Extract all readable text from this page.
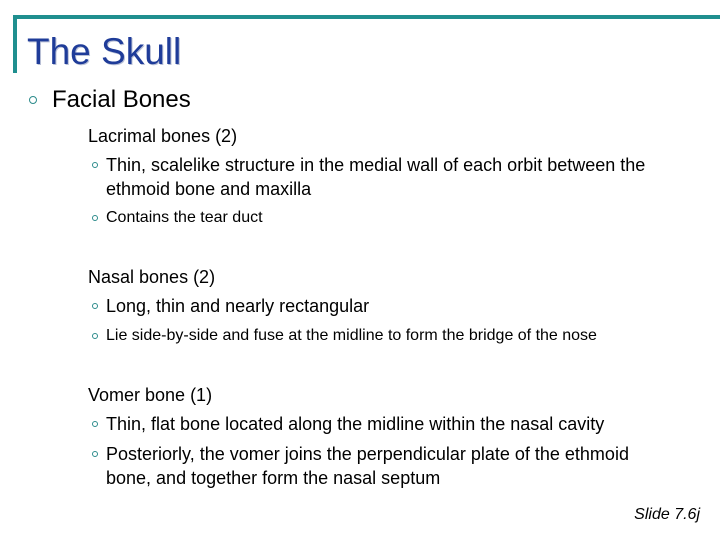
The Skull
Facial Bones
Lacrimal bones (2)
Thin, scalelike structure in the medial wall of each orbit between the
ethmoid bone and maxilla
Contains the tear duct
Nasal bones (2)
Long, thin and nearly rectangular
Lie side-by-side and fuse at the midline to form the bridge of the nose
Vomer bone (1)
Thin, flat bone located along the midline within the nasal cavity
Posteriorly, the vomer joins the perpendicular plate of the ethmoid
bone, and together form the nasal septum
Slide 7.6j
